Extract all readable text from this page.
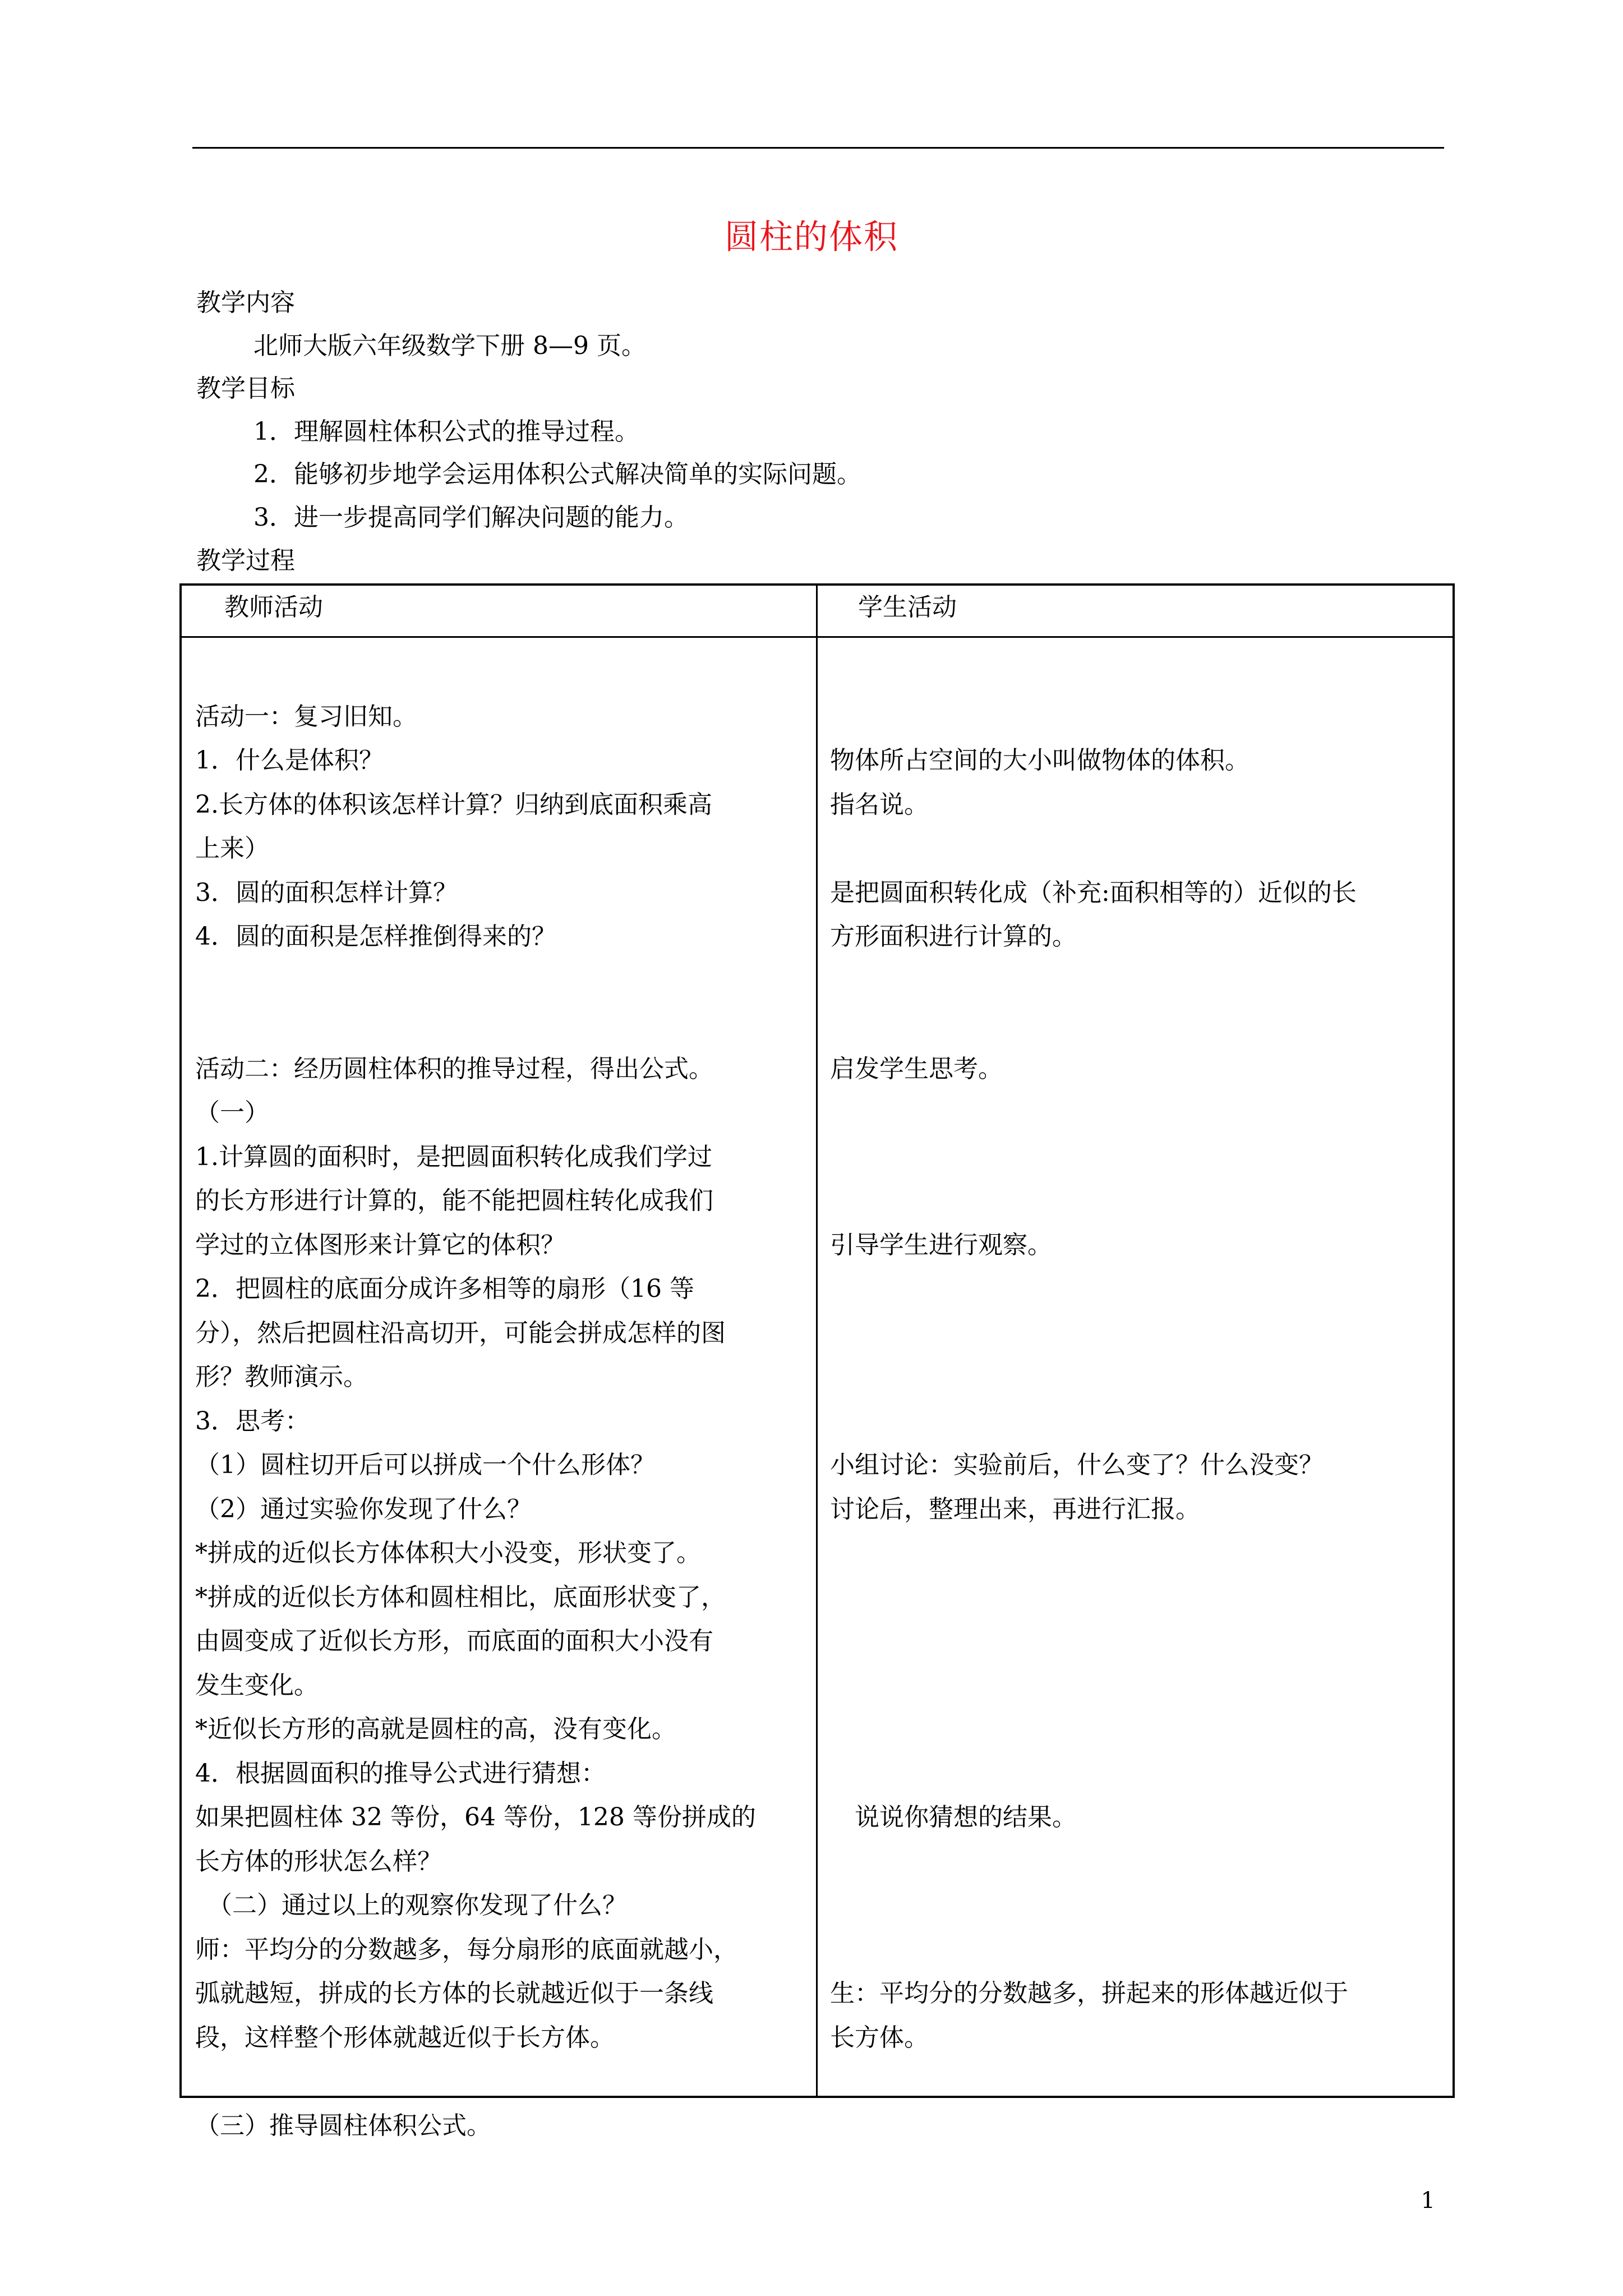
圆柱的体积
教学内容
北师大版六年级数学下册 8—9 页。
教学目标
1．理解圆柱体积公式的推导过程。
2．能够初步地学会运用体积公式解决简单的实际问题。
3．进一步提高同学们解决问题的能力。
教学过程
教师活动	学生活动
活动一：复习旧知。
1．什么是体积？
2.长方体的体积该怎样计算？归纳到底面积乘高
上来）
3．圆的面积怎样计算？
4．圆的面积是怎样推倒得来的？
活动二：经历圆柱体积的推导过程，得出公式。
（一）
1.计算圆的面积时，是把圆面积转化成我们学过
的长方形进行计算的，能不能把圆柱转化成我们
学过的立体图形来计算它的体积？
2．把圆柱的底面分成许多相等的扇形（16 等
分），然后把圆柱沿高切开，可能会拼成怎样的图
形？教师演示。
3．思考：
（1）圆柱切开后可以拼成一个什么形体？
（2）通过实验你发现了什么？
*拼成的近似长方体体积大小没变，形状变了。
*拼成的近似长方体和圆柱相比，底面形状变了，
由圆变成了近似长方形，而底面的面积大小没有
发生变化。
*近似长方形的高就是圆柱的高，没有变化。
4．根据圆面积的推导公式进行猜想：
如果把圆柱体 32 等份，64 等份，128 等份拼成的
长方体的形状怎么样？
　（二）通过以上的观察你发现了什么？
师：平均分的分数越多，每分扇形的底面就越小，
弧就越短，拼成的长方体的长就越近似于一条线
段，这样整个形体就越近似于长方体。
（三）推导圆柱体积公式。
物体所占空间的大小叫做物体的体积。
指名说。
是把圆面积转化成（补充:面积相等的）近似的长
方形面积进行计算的。
启发学生思考。
引导学生进行观察。
小组讨论：实验前后，什么变了？什么没变？
讨论后，整理出来，再进行汇报。
　说说你猜想的结果。
生：平均分的分数越多，拼起来的形体越近似于
长方体。
1
